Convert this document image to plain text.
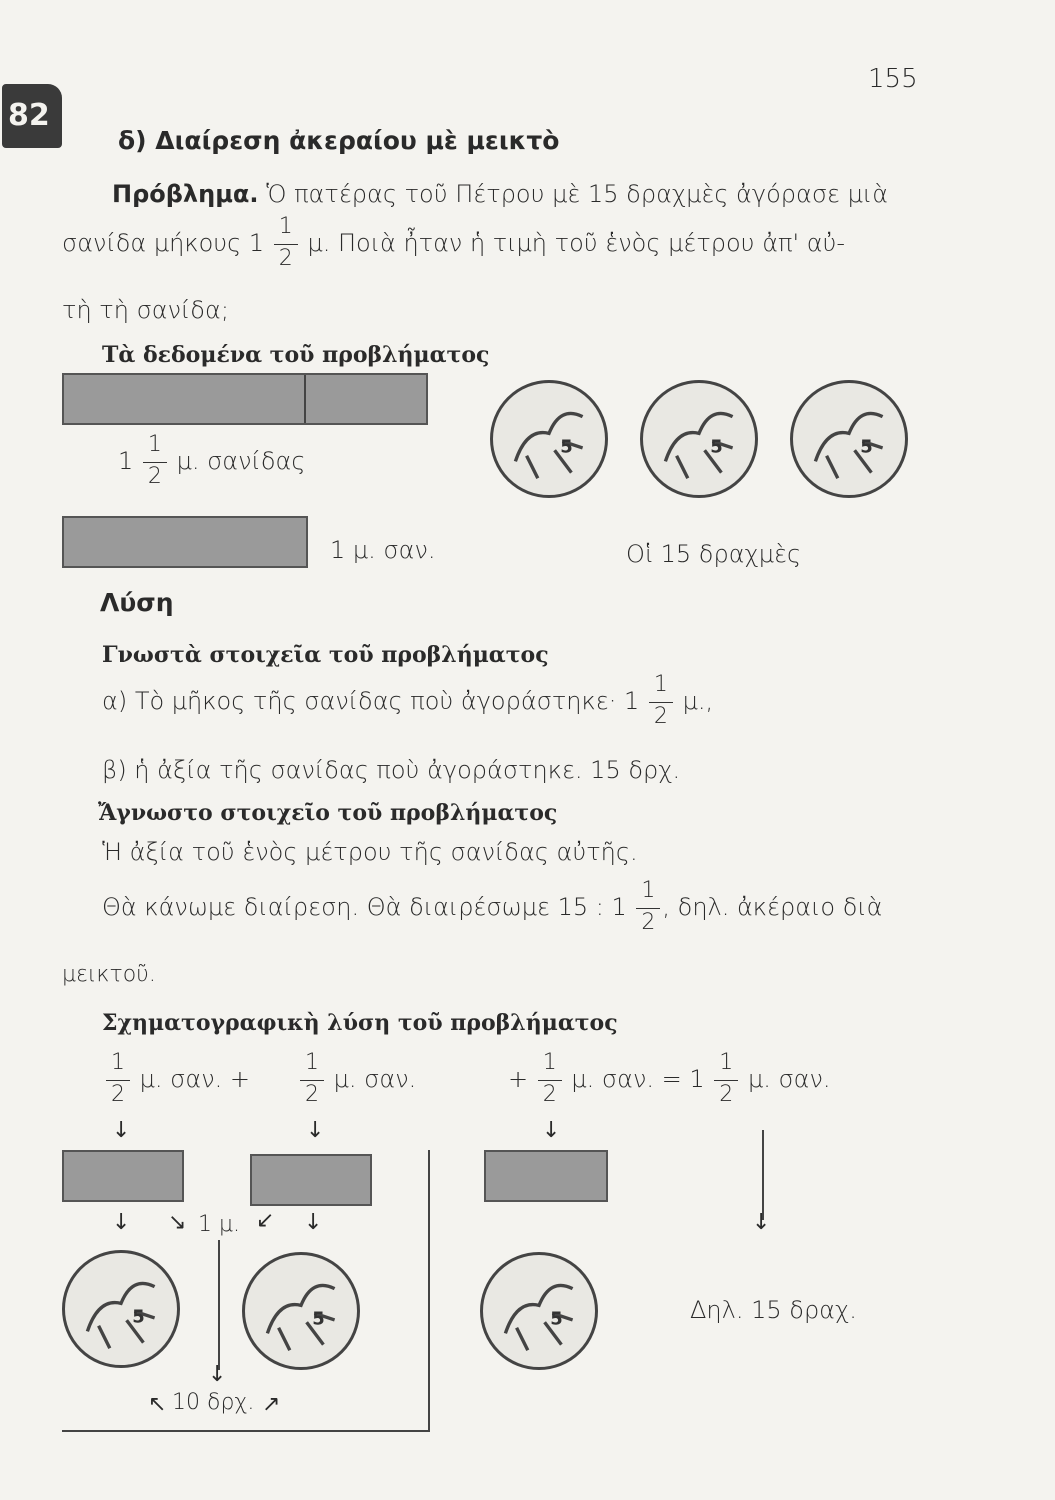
155
82
δ) Διαίρεση ἀκεραίου μὲ μεικτὸ
Πρόβλημα. Ὁ πατέρας τοῦ Πέτρου μὲ 15 δραχμὲς ἀγόρασε μιὰ
σανίδα μήκους $1 \frac{1}{2} \mu$. Ποιὰ ἦταν ἡ τιμὴ τοῦ ἑνὸς μέτρου ἀπ' αὐ-
τὴ τὴ σανίδα;
Τὰ δεδομένα τοῦ προβλήματος
$1 \frac{1}{2} \mu$. σανίδας
1 μ. σαν.
5	5	5
Οἱ 15 δραχμὲς
Λύση
Γνωστὰ στοιχεῖα τοῦ προβλήματος
α) Τὸ μῆκος τῆς σανίδας ποὺ ἀγοράστηκε· $1 \frac{1}{2} \mu$.,
β) ἡ ἀξία τῆς σανίδας ποὺ ἀγοράστηκε. 15 δρχ.
Ἄγνωστο στοιχεῖο τοῦ προβλήματος
Ἡ ἀξία τοῦ ἑνὸς μέτρου τῆς σανίδας αὐτῆς.
Θὰ κάνωμε διαίρεση. Θὰ διαιρέσωμε 15 : $1 \frac{1}{2}$ , δηλ. ἀκέραιο διὰ
μεικτοῦ.
Σχηματογραφικὴ λύση τοῦ προβλήματος
$\frac{1}{2} \mu$. σαν. + $\frac{1}{2} \mu$. σαν.	+ $\frac{1}{2} \mu$. σαν. = $1 \frac{1}{2} \mu$. σαν.
↓	↓	↓
↓
↓ ↘ 1 μ. ↙ ↓
5	5	5
↓
↖ 10 δρχ. ↗
Δηλ. 15 δραχ.
